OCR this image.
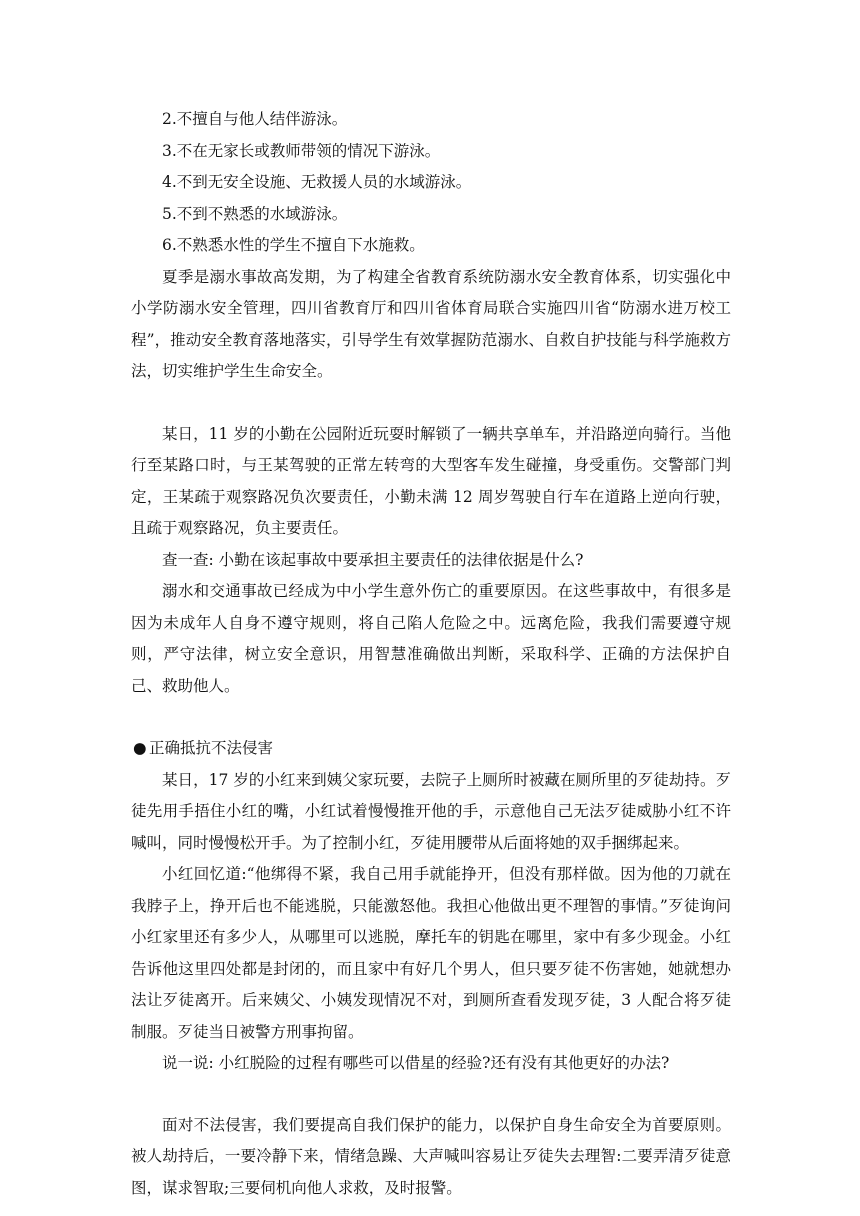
2.不擅自与他人结伴游泳。

3.不在无家长或教师带领的情况下游泳。

4.不到无安全设施、无救援人员的水域游泳。

5.不到不熟悉的水域游泳。

6.不熟悉水性的学生不擅自下水施救。

夏季是溺水事故高发期，为了构建全省教育系统防溺水安全教育体系，切实强化中小学防溺水安全管理，四川省教育厅和四川省体育局联合实施四川省“防溺水进万校工程”，推动安全教育落地落实，引导学生有效掌握防范溺水、自救自护技能与科学施救方法，切实维护学生生命安全。

某日，11 岁的小勤在公园附近玩耍时解锁了一辆共享单车，并沿路逆向骑行。当他行至某路口时，与王某驾驶的正常左转弯的大型客车发生碰撞，身受重伤。交警部门判定，王某疏于观察路况负次要责任，小勤未满 12 周岁驾驶自行车在道路上逆向行驶，且疏于观察路况，负主要责任。

查一查: 小勤在该起事故中要承担主要责任的法律依据是什么?

溺水和交通事故已经成为中小学生意外伤亡的重要原因。在这些事故中，有很多是因为未成年人自身不遵守规则，将自己陷人危险之中。远离危险，我我们需要遵守规则，严守法律，树立安全意识，用智慧准确做出判断，采取科学、正确的方法保护自己、救助他人。

● 正确抵抗不法侵害

某日，17 岁的小红来到姨父家玩要，去院子上厕所时被藏在厕所里的歹徒劫持。歹徒先用手捂住小红的嘴，小红试着慢慢推开他的手，示意他自己无法歹徒威胁小红不许喊叫，同时慢慢松开手。为了控制小红，歹徒用腰带从后面将她的双手捆绑起来。

小红回忆道:“他绑得不紧，我自己用手就能挣开，但没有那样做。因为他的刀就在我脖子上，挣开后也不能逃脱，只能激怒他。我担心他做出更不理智的事情。”歹徒询问小红家里还有多少人，从哪里可以逃脱，摩托车的钥匙在哪里，家中有多少现金。小红告诉他这里四处都是封闭的，而且家中有好几个男人，但只要歹徒不伤害她，她就想办法让歹徒离开。后来姨父、小姨发现情况不对，到厕所查看发现歹徒，3 人配合将歹徒制服。歹徒当日被警方刑事拘留。

说一说: 小红脱险的过程有哪些可以借星的经验?还有没有其他更好的办法?

面对不法侵害，我们要提高自我们保护的能力，以保护自身生命安全为首要原则。被人劫持后，一要冷静下来，情绪急躁、大声喊叫容易让歹徒失去理智:二要弄清歹徒意图，谋求智取;三要伺机向他人求救，及时报警。
